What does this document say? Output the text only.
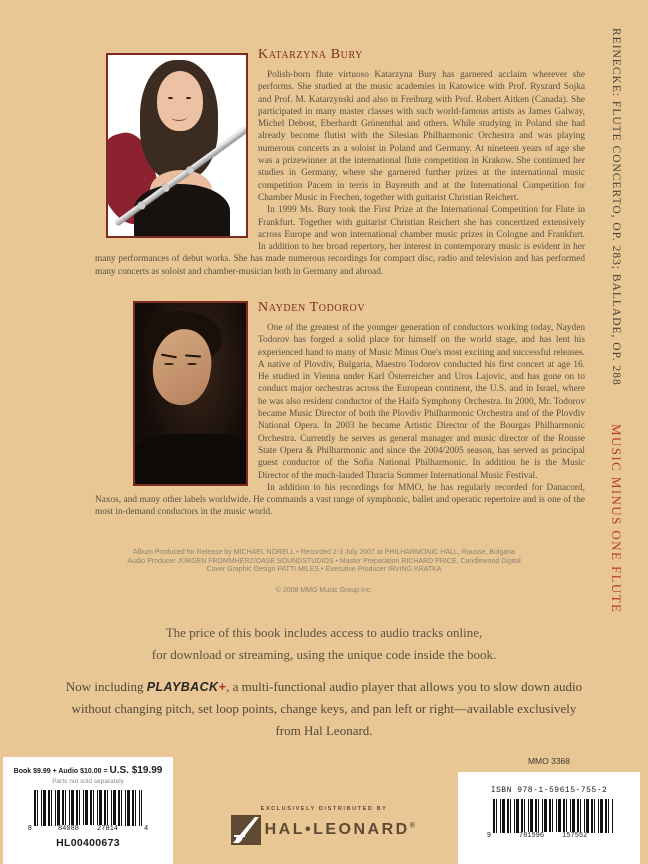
REINECKE: FLUTE CONCERTO, OP. 283; BALLADE, OP. 288
MUSIC MINUS ONE FLUTE
Katarzyna Bury

Polish-born flute virtuoso Katarzyna Bury has garnered acclaim wherever she performs. She studied at the music academies in Katowice with Prof. Ryszard Sojka and Prof. M. Katarzynski and also in Freiburg with Prof. Robert Aitken (Canada). She participated in many master classes with such world-famous artists as James Galway, Michel Debost, Eberhardt Grünenthal and others. While studying in Poland she had already become flutist with the Silesian Philharmonic Orchestra and was playing numerous concerts as a soloist in Poland and Germany. At nineteen years of age she was a prizewinner at the international flute competition in Krakow. She continued her studies in Germany, where she garnered further prizes at the international music competition Pacem in terris in Bayreuth and at the International Competition for Chamber Music in Frechen, together with guitarist Christian Reichert.

In 1999 Ms. Bury took the First Prize at the International Competition for Flute in Frankfurt. Together with guitarist Christian Reichert she has concertized extensively across Europe and won international chamber music prizes in Cologne and Frankfurt. In addition to her broad repertory, her interest in contemporary music is evident in her many performances of debut works. She has made numerous recordings for compact disc, radio and television and has performed many concerts as soloist and chamber-musician both in Germany and abroad.

Nayden Todorov

One of the greatest of the younger generation of conductors working today, Nayden Todorov has forged a solid place for himself on the world stage, and has lent his experienced hand to many of Music Minus One's most exciting and successful releases. A native of Plovdiv, Bulgaria, Maestro Todorov conducted his first concert at age 16. He studied in Vienna under Karl Österreicher and Uros Lajovic, and has gone on to conduct major orchestras across the European continent, the U.S. and in Israel, where he was also resident conductor of the Haifa Symphony Orchestra. In 2000, Mr. Todorov became Music Director of both the Plovdiv Philharmonic Orchestra and of the Plovdiv National Opera. In 2003 he became Artistic Director of the Bourgas Philharmonic Orchestra. Currently he serves as general manager and music director of the Rousse State Opera & Philharmonic and since the 2004/2005 season, has served as principal guest conductor of the Sofia National Philharmonic. In addition he is the Music Director of the much-lauded Thracia Summer International Music Festival.

In addition to his recordings for MMO, he has regularly recorded for Danacord, Naxos, and many other labels worldwide. He commands a vast range of symphonic, ballet and operatic repertoire and is one of the most in-demand conductors in the music world.

Album Produced for Release by MICHAEL NORELL • Recorded 2-3 July 2007 at PHILHARMONIC HALL, Rousse, Bulgaria
Audio Producer JÜRGEN FROMMHERZ/OASE SOUNDSTUDIOS • Master Preparation RICHARD PRICE, Candlewood Digital
Cover Graphic Design PATTI MILES • Executive Producer IRVING KRATKA
© 2008 MMO Music Group Inc.
The price of this book includes access to audio tracks online,
for download or streaming, using the unique code inside the book.
Now including PLAYBACK+, a multi-functional audio player that allows you to slow down audio without changing pitch, set loop points, change keys, and pan left or right—available exclusively from Hal Leonard.
Book $9.99 + Audio $10.00 = U.S. $19.99
Parts not sold separately
8	84088	27814	4
HL00400673
EXCLUSIVELY DISTRIBUTED BY
HAL•LEONARD®
MMO 3368
ISBN 978-1-59615-755-2
9	781596	157552
